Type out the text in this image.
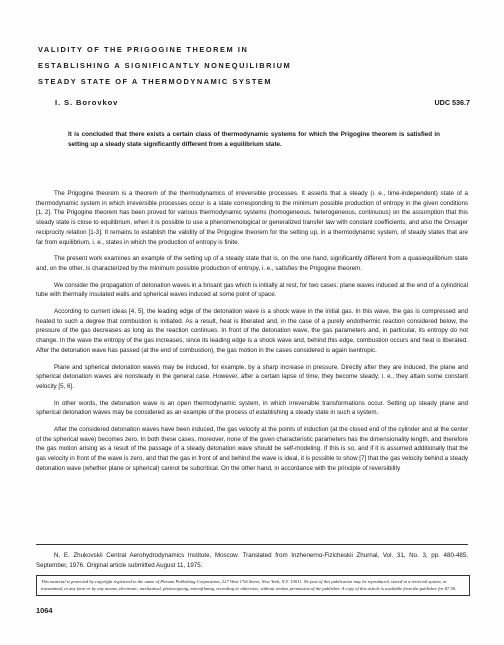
VALIDITY OF THE PRIGOGINE THEOREM IN
ESTABLISHING A SIGNIFICANTLY NONEQUILIBRIUM
STEADY STATE OF A THERMODYNAMIC SYSTEM
I. S. Borovkov	UDC 536.7

It is concluded that there exists a certain class of thermodynamic systems for which the Prigogine theorem is satisfied in setting up a steady state significantly different from a equilibrium state.

The Prigogine theorem is a theorem of the thermodynamics of irreversible processes. It asserts that a steady (i. e., time-independent) state of a thermodynamic system in which irreversible processes occur is a state corresponding to the minimum possible production of entropy in the given conditions [1, 2]. The Prigogine theorem has been proved for various thermodynamic systems (homogeneous, heterogeneous, continuous) on the assumption that this steady state is close to equilibrium, when it is possible to use a phenomenological or generalized transfer law with constant coefficients, and also the Onsager reciprocity relation [1-3]. It remains to establish the validity of the Prigogine theorem for the setting up, in a thermodynamic system, of steady states that are far from equilibrium, i. e., states in which the production of entropy is finite.

The present work examines an example of the setting up of a steady state that is, on the one hand, significantly different from a quasiequilibrium state and, on the other, is characterized by the minimum possible production of entropy, i. e., satisfies the Prigogine theorem.

We consider the propagation of detonation waves in a brisant gas which is initially at rest, for two cases: plane waves induced at the end of a cylindrical tube with thermally insulated walls and spherical waves induced at some point of space.

According to current ideas [4, 5], the leading edge of the detonation wave is a shock wave in the initial gas. In this wave, the gas is compressed and heated to such a degree that combustion is initiated. As a result, heat is liberated and, in the case of a purely endothermic reaction considered below, the pressure of the gas decreases as long as the reaction continues. In front of the detonation wave, the gas parameters and, in particular, its entropy do not change. In the wave the entropy of the gas increases, since its leading edge is a shock wave and, behind this edge, combustion occurs and heat is liberated. After the detonation wave has passed (at the end of combustion), the gas motion in the cases considered is again isentropic.

Plane and spherical detonation waves may be induced, for example, by a sharp increase in pressure. Directly after they are induced, the plane and spherical detonation waves are nonsteady in the general case. However, after a certain lapse of time, they become steady; i. e., they attain some constant velocity [5, 6].

In other words, the detonation wave is an open thermodynamic system, in which irreversible transformations occur. Setting up steady plane and spherical detonation waves may be considered as an example of the process of establishing a steady state in such a system.

After the considered detonation waves have been induced, the gas velocity at the points of induction (at the closed end of the cylinder and at the center of the spherical wave) becomes zero. In both these cases, moreover, none of the given characteristic parameters has the dimensionality length, and therefore the gas motion arising as a result of the passage of a steady detonation wave should be self-modeling. If this is so, and if it is assumed additionally that the gas velocity in front of the wave is zero, and that the gas in front of and behind the wave is ideal, it is possible to show [7] that the gas velocity behind a steady detonation wave (whether plane or spherical) cannot be subcritical. On the other hand, in accordance with the principle of reversibility

N. E. Zhukovskii Central Aerohydrodynamics Institute, Moscow. Translated from Inzhenerno-Fizicheskii Zhurnal, Vol. 31, No. 3, pp. 480-485, September, 1976. Original article submitted August 11, 1975.
This material is protected by copyright registered in the name of Plenum Publishing Corporation, 227 West 17th Street, New York, N.Y. 10011. No part of this publication may be reproduced, stored in a retrieval system, or transmitted, in any form or by any means, electronic, mechanical, photocopying, microfilming, recording or otherwise, without written permission of the publisher. A copy of this article is available from the publisher for $7.50.
1064
